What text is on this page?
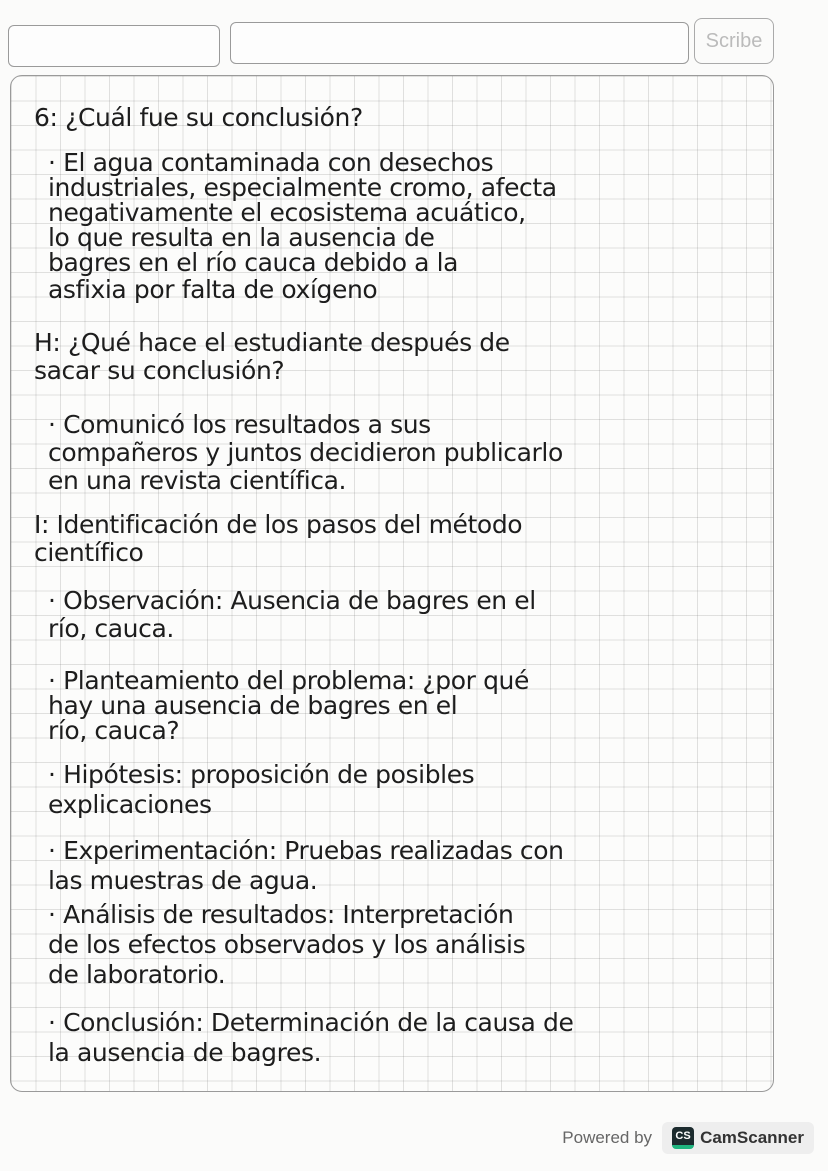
Scribe
6: ¿Cuál fue su conclusión?
· El agua contaminada con desechos
industriales, especialmente cromo, afecta
negativamente el ecosistema acuático,
lo que resulta en la ausencia de
bagres en el río cauca debido a la
asfixia por falta de oxígeno
H: ¿Qué hace el estudiante después de
sacar su conclusión?
· Comunicó los resultados a sus
compañeros y juntos decidieron publicarlo
en una revista científica.
I: Identificación de los pasos del método
científico
· Observación: Ausencia de bagres en el
río, cauca.
· Planteamiento del problema: ¿por qué
hay una ausencia de bagres en el
río, cauca?
· Hipótesis: proposición de posibles
explicaciones
· Experimentación: Pruebas realizadas con
las muestras de agua.
· Análisis de resultados: Interpretación
de los efectos observados y los análisis
de laboratorio.
· Conclusión: Determinación de la causa de
la ausencia de bagres.
Powered by	CS CamScanner
